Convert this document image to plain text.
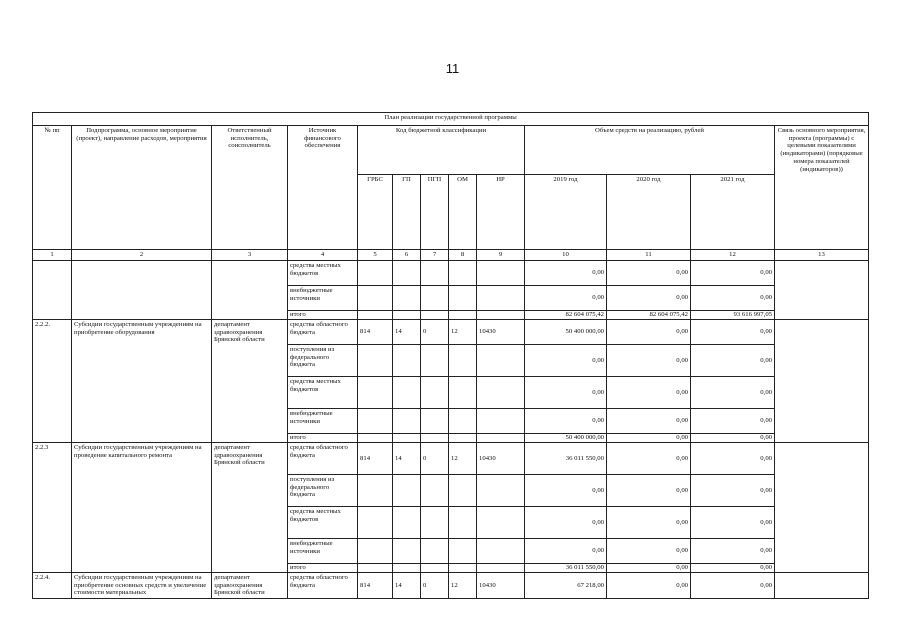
11
План реализации государственной программы												
№ пп	Подпрограмма, основное мероприятие (проект), направление расходов, мероприятия	Ответственный исполнитель, соисполнитель	Источник финансового обеспечения	Код бюджетной классификации					Объем средств на реализацию, рублей			Связь основного мероприятия, проекта (программы) с целевыми показателями (индикаторами) (порядковые номера показателей (индикаторов))
				ГРБС	ГП	ПГП	ОМ	НР	2019 год	2020 год	2021 год	
1	2	3	4	5	6	7	8	9	10	11	12	13
			средства местных бюджетов						0,00	0,00	0,00	
			внебюджетные источники						0,00	0,00	0,00	
			итого						82 604 075,42	82 604 075,42	93 616 997,05	
2.2.2.	Субсидии государственным учреждениям на приобретение оборудования	департамент здравоохранения Брянской области	средства областного бюджета	814	14	0	12	10430	50 400 000,00	0,00	0,00	
			поступления из федерального бюджета						0,00	0,00	0,00	
			средства местных бюджетов						0,00	0,00	0,00	
			внебюджетные источники						0,00	0,00	0,00	
			итого						50 400 000,00	0,00	0,00	
2.2.3	Субсидии государственным учреждениям на проведение капитального ремонта	департамент здравоохранения Брянской области	средства областного бюджета	814	14	0	12	10430	36 011 550,00	0,00	0,00	
			поступления из федерального бюджета						0,00	0,00	0,00	
			средства местных бюджетов						0,00	0,00	0,00	
			внебюджетные источники						0,00	0,00	0,00	
			итого						36 011 550,00	0,00	0,00	
2.2.4.	Субсидии государственным учреждениям на приобретение основных средств и увеличение стоимости материальных	департамент здравоохранения Брянской области	средства областного бюджета	814	14	0	12	10430	67 218,00	0,00	0,00	
